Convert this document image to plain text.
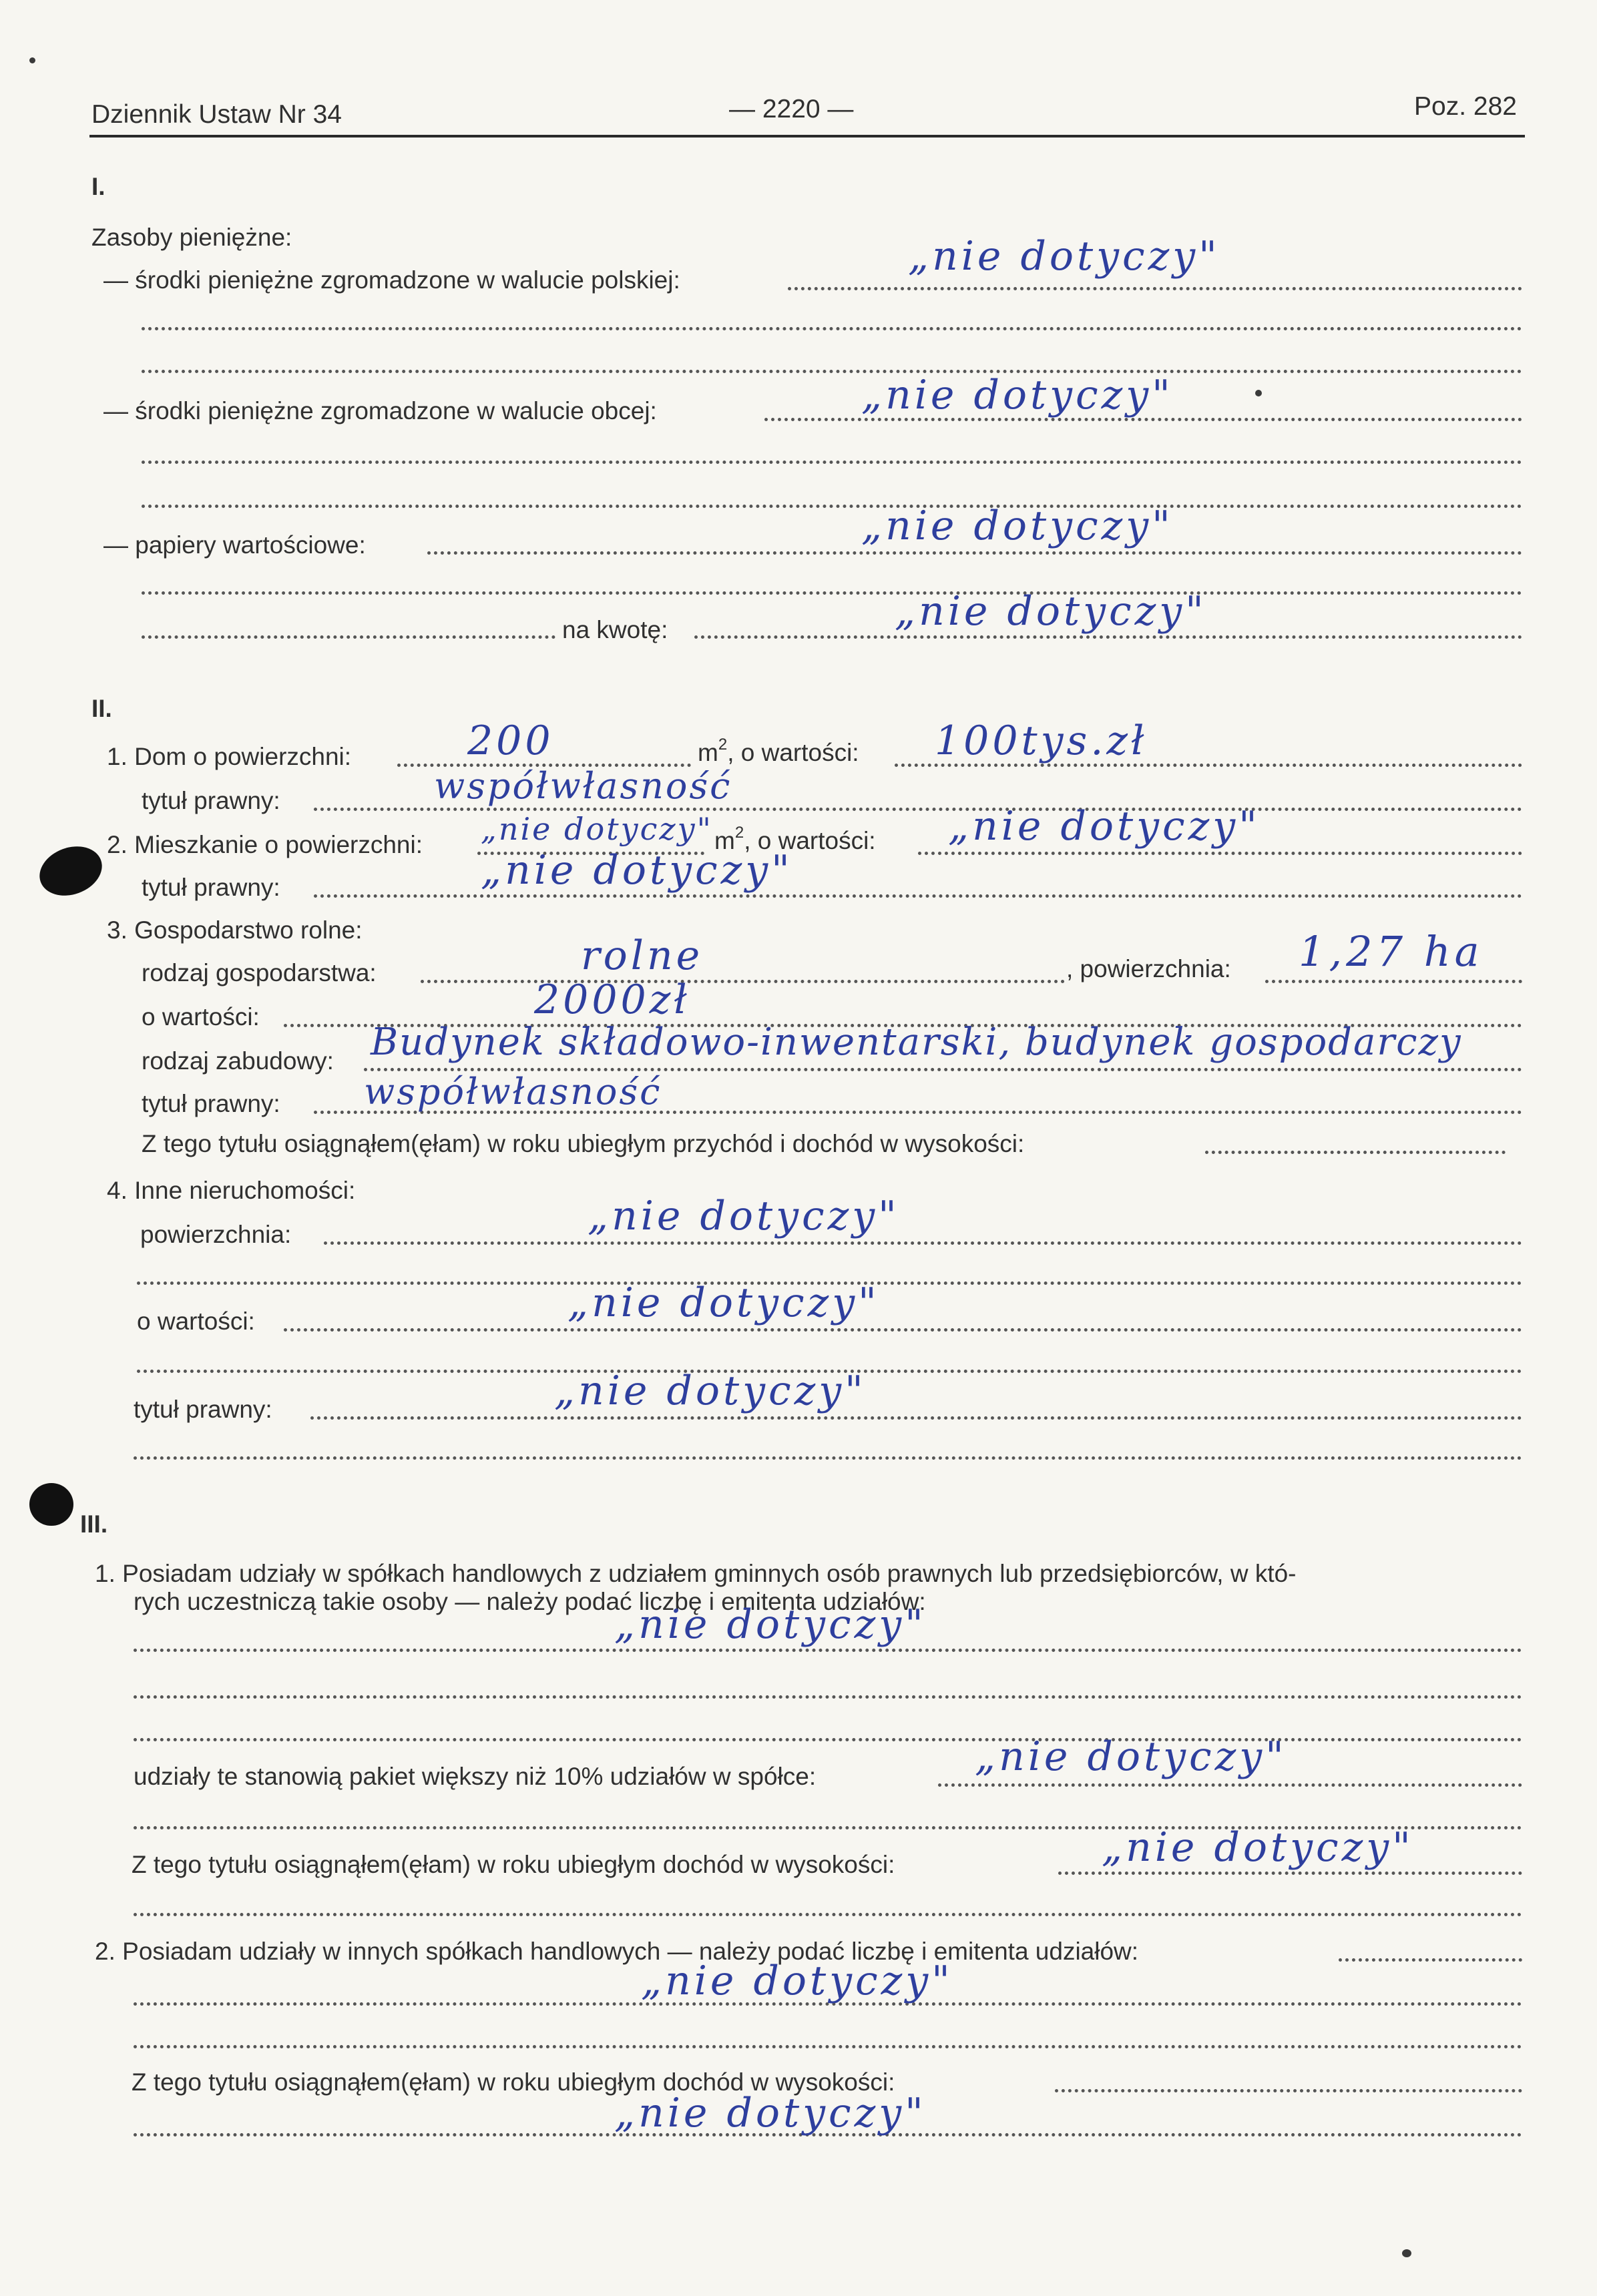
Dziennik Ustaw Nr 34	— 2220 —	Poz. 282
I.
Zasoby pieniężne:
— środki pieniężne zgromadzone w walucie polskiej:
„nie dotyczy"
— środki pieniężne zgromadzone w walucie obcej:	„nie dotyczy"
— papiery wartościowe:	„nie dotyczy"
na kwotę:	„nie dotyczy"
II.
1. Dom o powierzchni:	200	$m^2$, o wartości: 100tys.zł
tytuł prawny:	współwłasność
2. Mieszkanie o powierzchni: „nie dotyczy" $m^2$, o wartości: „nie dotyczy"
tytuł prawny:	„nie dotyczy"
3. Gospodarstwo rolne:
rodzaj gospodarstwa:	rolne	, powierzchnia: 1,27 ha
o wartości:	2000zł
rodzaj zabudowy: Budynek składowo-inwentarski, budynek gospodarczy
tytuł prawny: współwłasność
Z tego tytułu osiągnąłem(ęłam) w roku ubiegłym przychód i dochód w wysokości:
4. Inne nieruchomości:
powierzchnia:	„nie dotyczy"
o wartości:	„nie dotyczy"
tytuł prawny:	„nie dotyczy"
III.
1. Posiadam udziały w spółkach handlowych z udziałem gminnych osób prawnych lub przedsiębiorców, w któ-
rych uczestniczą takie osoby — należy podać liczbę i emitenta udziałów:
„nie dotyczy"
udziały te stanowią pakiet większy niż 10% udziałów w spółce:	„nie dotyczy"
Z tego tytułu osiągnąłem(ęłam) w roku ubiegłym dochód w wysokości:	„nie dotyczy"
2. Posiadam udziały w innych spółkach handlowych — należy podać liczbę i emitenta udziałów:
„nie dotyczy"
Z tego tytułu osiągnąłem(ęłam) w roku ubiegłym dochód w wysokości:
„nie dotyczy"
